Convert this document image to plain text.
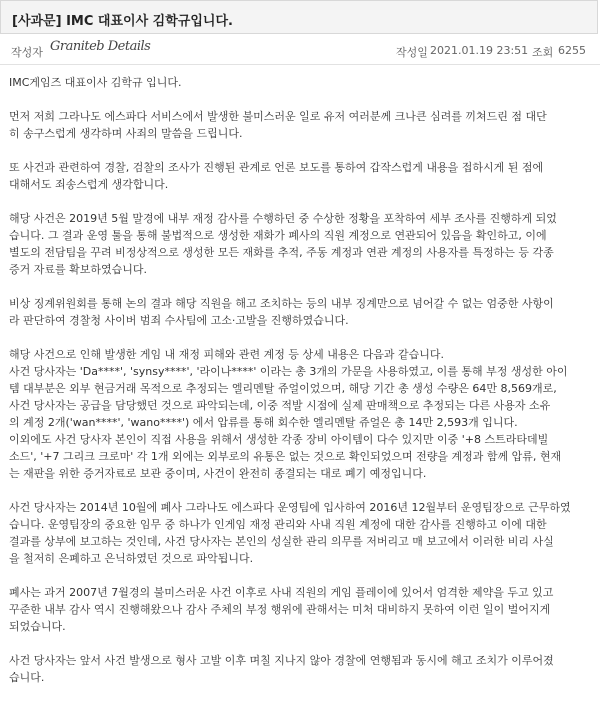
[사과문] IMC 대표이사 김학규입니다.
작성자 Graniteb Details	작성일 2021.01.19 23:51 조회 6255

IMC게임즈 대표이사 김학규 입니다.

먼저 저희 그라나도 에스파다 서비스에서 발생한 불미스러운 일로 유저 여러분께 크나큰 심려를 끼쳐드린 점 대단
히 송구스럽게 생각하며 사죄의 말씀을 드립니다.

또 사건과 관련하여 경찰, 검찰의 조사가 진행된 관계로 언론 보도를 통하여 갑작스럽게 내용을 접하시게 된 점에
대해서도 죄송스럽게 생각합니다.

해당 사건은 2019년 5월 말경에 내부 재정 감사를 수행하던 중 수상한 정황을 포착하여 세부 조사를 진행하게 되었
습니다. 그 결과 운영 툴을 통해 불법적으로 생성한 재화가 폐사의 직원 계정으로 연관되어 있음을 확인하고, 이에
별도의 전담팀을 꾸려 비정상적으로 생성한 모든 재화를 추적, 주동 계정과 연관 계정의 사용자를 특정하는 등 각종
증거 자료를 확보하였습니다.

비상 징계위원회를 통해 논의 결과 해당 직원을 해고 조치하는 등의 내부 징계만으로 넘어갈 수 없는 엄중한 사항이
라 판단하여 경찰청 사이버 범죄 수사팀에 고소·고발을 진행하였습니다.

해당 사건으로 인해 발생한 게임 내 재정 피해와 관련 계정 등 상세 내용은 다음과 같습니다.
사건 당사자는 'Da****', 'synsy****', '라이나****' 이라는 총 3개의 가문을 사용하였고, 이를 통해 부정 생성한 아이
템 대부분은 외부 현금거래 목적으로 추정되는 엘리멘탈 쥬얼이었으며, 해당 기간 총 생성 수량은 64만 8,569개로,
사건 당사자는 공급을 담당했던 것으로 파악되는데, 이중 적발 시점에 실제 판매책으로 추정되는 다른 사용자 소유
의 계정 2개('wan****', 'wano****') 에서 압류를 통해 회수한 엘리멘탈 쥬얼은 총 14만 2,593개 입니다.
이외에도 사건 당사자 본인이 직접 사용을 위해서 생성한 각종 장비 아이템이 다수 있지만 이중 '+8 스트라타데빌
소드', '+7 그리크 크로마' 각 1개 외에는 외부로의 유통은 없는 것으로 확인되었으며 전량을 계정과 함께 압류, 현재
는 재판을 위한 증거자료로 보관 중이며, 사건이 완전히 종결되는 대로 폐기 예정입니다.

사건 당사자는 2014년 10월에 폐사 그라나도 에스파다 운영팀에 입사하여 2016년 12월부터 운영팀장으로 근무하였
습니다. 운영팀장의 중요한 임무 중 하나가 인게임 재정 관리와 사내 직원 계정에 대한 감사를 진행하고 이에 대한
결과를 상부에 보고하는 것인데, 사건 당사자는 본인의 성실한 관리 의무를 저버리고 매 보고에서 이러한 비리 사실
을 철저히 은폐하고 은닉하였던 것으로 파악됩니다.

폐사는 과거 2007년 7월경의 불미스러운 사건 이후로 사내 직원의 게임 플레이에 있어서 엄격한 제약을 두고 있고
꾸준한 내부 감사 역시 진행해왔으나 감사 주체의 부정 행위에 관해서는 미처 대비하지 못하여 이런 일이 벌어지게
되었습니다.

사건 당사자는 앞서 사건 발생으로 형사 고발 이후 며칠 지나지 않아 경찰에 연행됨과 동시에 해고 조치가 이루어졌
습니다.
